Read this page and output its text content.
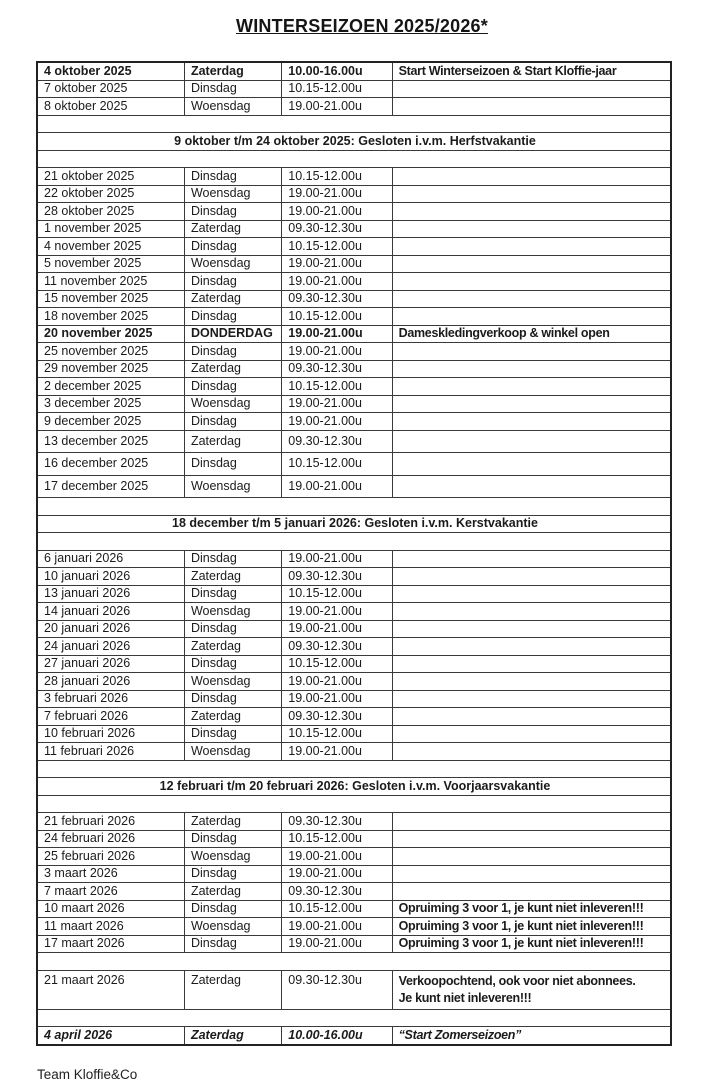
WINTERSEIZOEN 2025/2026*
4 oktober 2025	Zaterdag	10.00-16.00u	Start Winterseizoen & Start Kloffie-jaar
7 oktober 2025	Dinsdag	10.15-12.00u	
8 oktober 2025	Woensdag	19.00-21.00u	

9 oktober t/m 24 oktober 2025: Gesloten i.v.m. Herfstvakantie			

21 oktober 2025	Dinsdag	10.15-12.00u	
22 oktober 2025	Woensdag	19.00-21.00u	
28 oktober 2025	Dinsdag	19.00-21.00u	
1 november 2025	Zaterdag	09.30-12.30u	
4 november 2025	Dinsdag	10.15-12.00u	
5 november 2025	Woensdag	19.00-21.00u	
11 november 2025	Dinsdag	19.00-21.00u	
15 november 2025	Zaterdag	09.30-12.30u	
18 november 2025	Dinsdag	10.15-12.00u	
20 november 2025	DONDERDAG	19.00-21.00u	Dameskledingverkoop & winkel open
25 november 2025	Dinsdag	19.00-21.00u	
29 november 2025	Zaterdag	09.30-12.30u	
2 december 2025	Dinsdag	10.15-12.00u	
3 december 2025	Woensdag	19.00-21.00u	
9 december 2025	Dinsdag	19.00-21.00u	
13 december 2025	Zaterdag	09.30-12.30u	
16 december 2025	Dinsdag	10.15-12.00u	
17 december 2025	Woensdag	19.00-21.00u	

18 december t/m 5 januari 2026: Gesloten i.v.m. Kerstvakantie			

6 januari 2026	Dinsdag	19.00-21.00u	
10 januari 2026	Zaterdag	09.30-12.30u	
13 januari 2026	Dinsdag	10.15-12.00u	
14 januari 2026	Woensdag	19.00-21.00u	
20 januari 2026	Dinsdag	19.00-21.00u	
24 januari 2026	Zaterdag	09.30-12.30u	
27 januari 2026	Dinsdag	10.15-12.00u	
28 januari 2026	Woensdag	19.00-21.00u	
3 februari 2026	Dinsdag	19.00-21.00u	
7 februari 2026	Zaterdag	09.30-12.30u	
10 februari 2026	Dinsdag	10.15-12.00u	
11 februari 2026	Woensdag	19.00-21.00u	

12 februari t/m 20 februari 2026: Gesloten i.v.m. Voorjaarsvakantie			

21 februari 2026	Zaterdag	09.30-12.30u	
24 februari 2026	Dinsdag	10.15-12.00u	
25 februari 2026	Woensdag	19.00-21.00u	
3 maart 2026	Dinsdag	19.00-21.00u	
7 maart 2026	Zaterdag	09.30-12.30u	
10 maart 2026	Dinsdag	10.15-12.00u	Opruiming 3 voor 1, je kunt niet inleveren!!!
11 maart 2026	Woensdag	19.00-21.00u	Opruiming 3 voor 1, je kunt niet inleveren!!!
17 maart 2026	Dinsdag	19.00-21.00u	Opruiming 3 voor 1, je kunt niet inleveren!!!

21 maart 2026	Zaterdag	09.30-12.30u	Verkoopochtend, ook voor niet abonnees.
Je kunt niet inleveren!!!

4 april 2026	Zaterdag	10.00-16.00u	“Start Zomerseizoen”
Team Kloffie&Co
